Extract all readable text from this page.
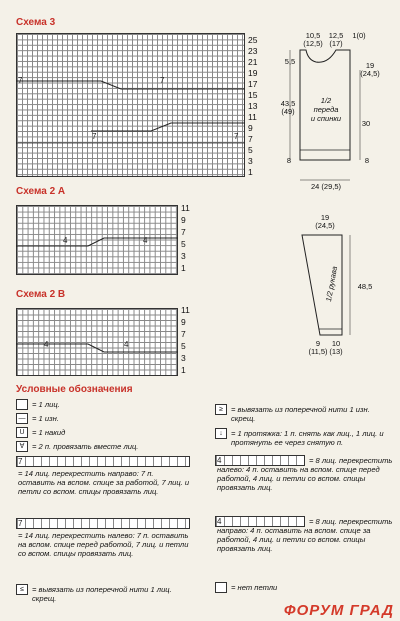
Схема 3
7	7
7	7
25
23
21
19
17
15
13
11
9
7
5
3
1
Схема 2 А
4	4
11
9
7
5
3
1
Схема 2 В
4	4
11
9
7
5
3
1
10,5
(12,5)
12,5
(17)
1(0)
5,5	19
(24,5)
43,5
(49)
1/2
переда
и спинки
30
8	8
24 (29,5)
19
(24,5)
1/2 рукава	48,5
9
(11,5)
10
(13)
Условные обозначения
= 1 лиц.
— = 1 изн.
U = 1 накид
∀	= 2 п. провязать вместе лиц.
7
= 14 лиц. перекрестить направо: 7 п. оставить на вспом. спице за работой, 7 лиц. и петли со вспом. спицы провязать лиц.
7
= 14 лиц. перекрестить налево: 7 п. оставить на вспом. спице перед работой, 7 лиц. и петли со вспом. спицы провязать лиц.
≤	= вывязать из поперечной нити 1 лиц. скрещ.
≥	= вывязать из поперечной нити 1 изн. скрещ.
↓	= 1 протяжка: 1 п. снять как лиц., 1 лиц. и протянуть ее через снятую п.
4	= 8 лиц. перекрестить налево: 4 п. оставить на вспом. спице перед работой, 4 лиц. и петли со вспом. спицы провязать лиц.
4	= 8 лиц. перекрестить направо: 4 п. оставить на вспом. спице за работой, 4 лиц. и петли со вспом. спицы провязать лиц.
= нет петли
ФОРУМ ГРАД
